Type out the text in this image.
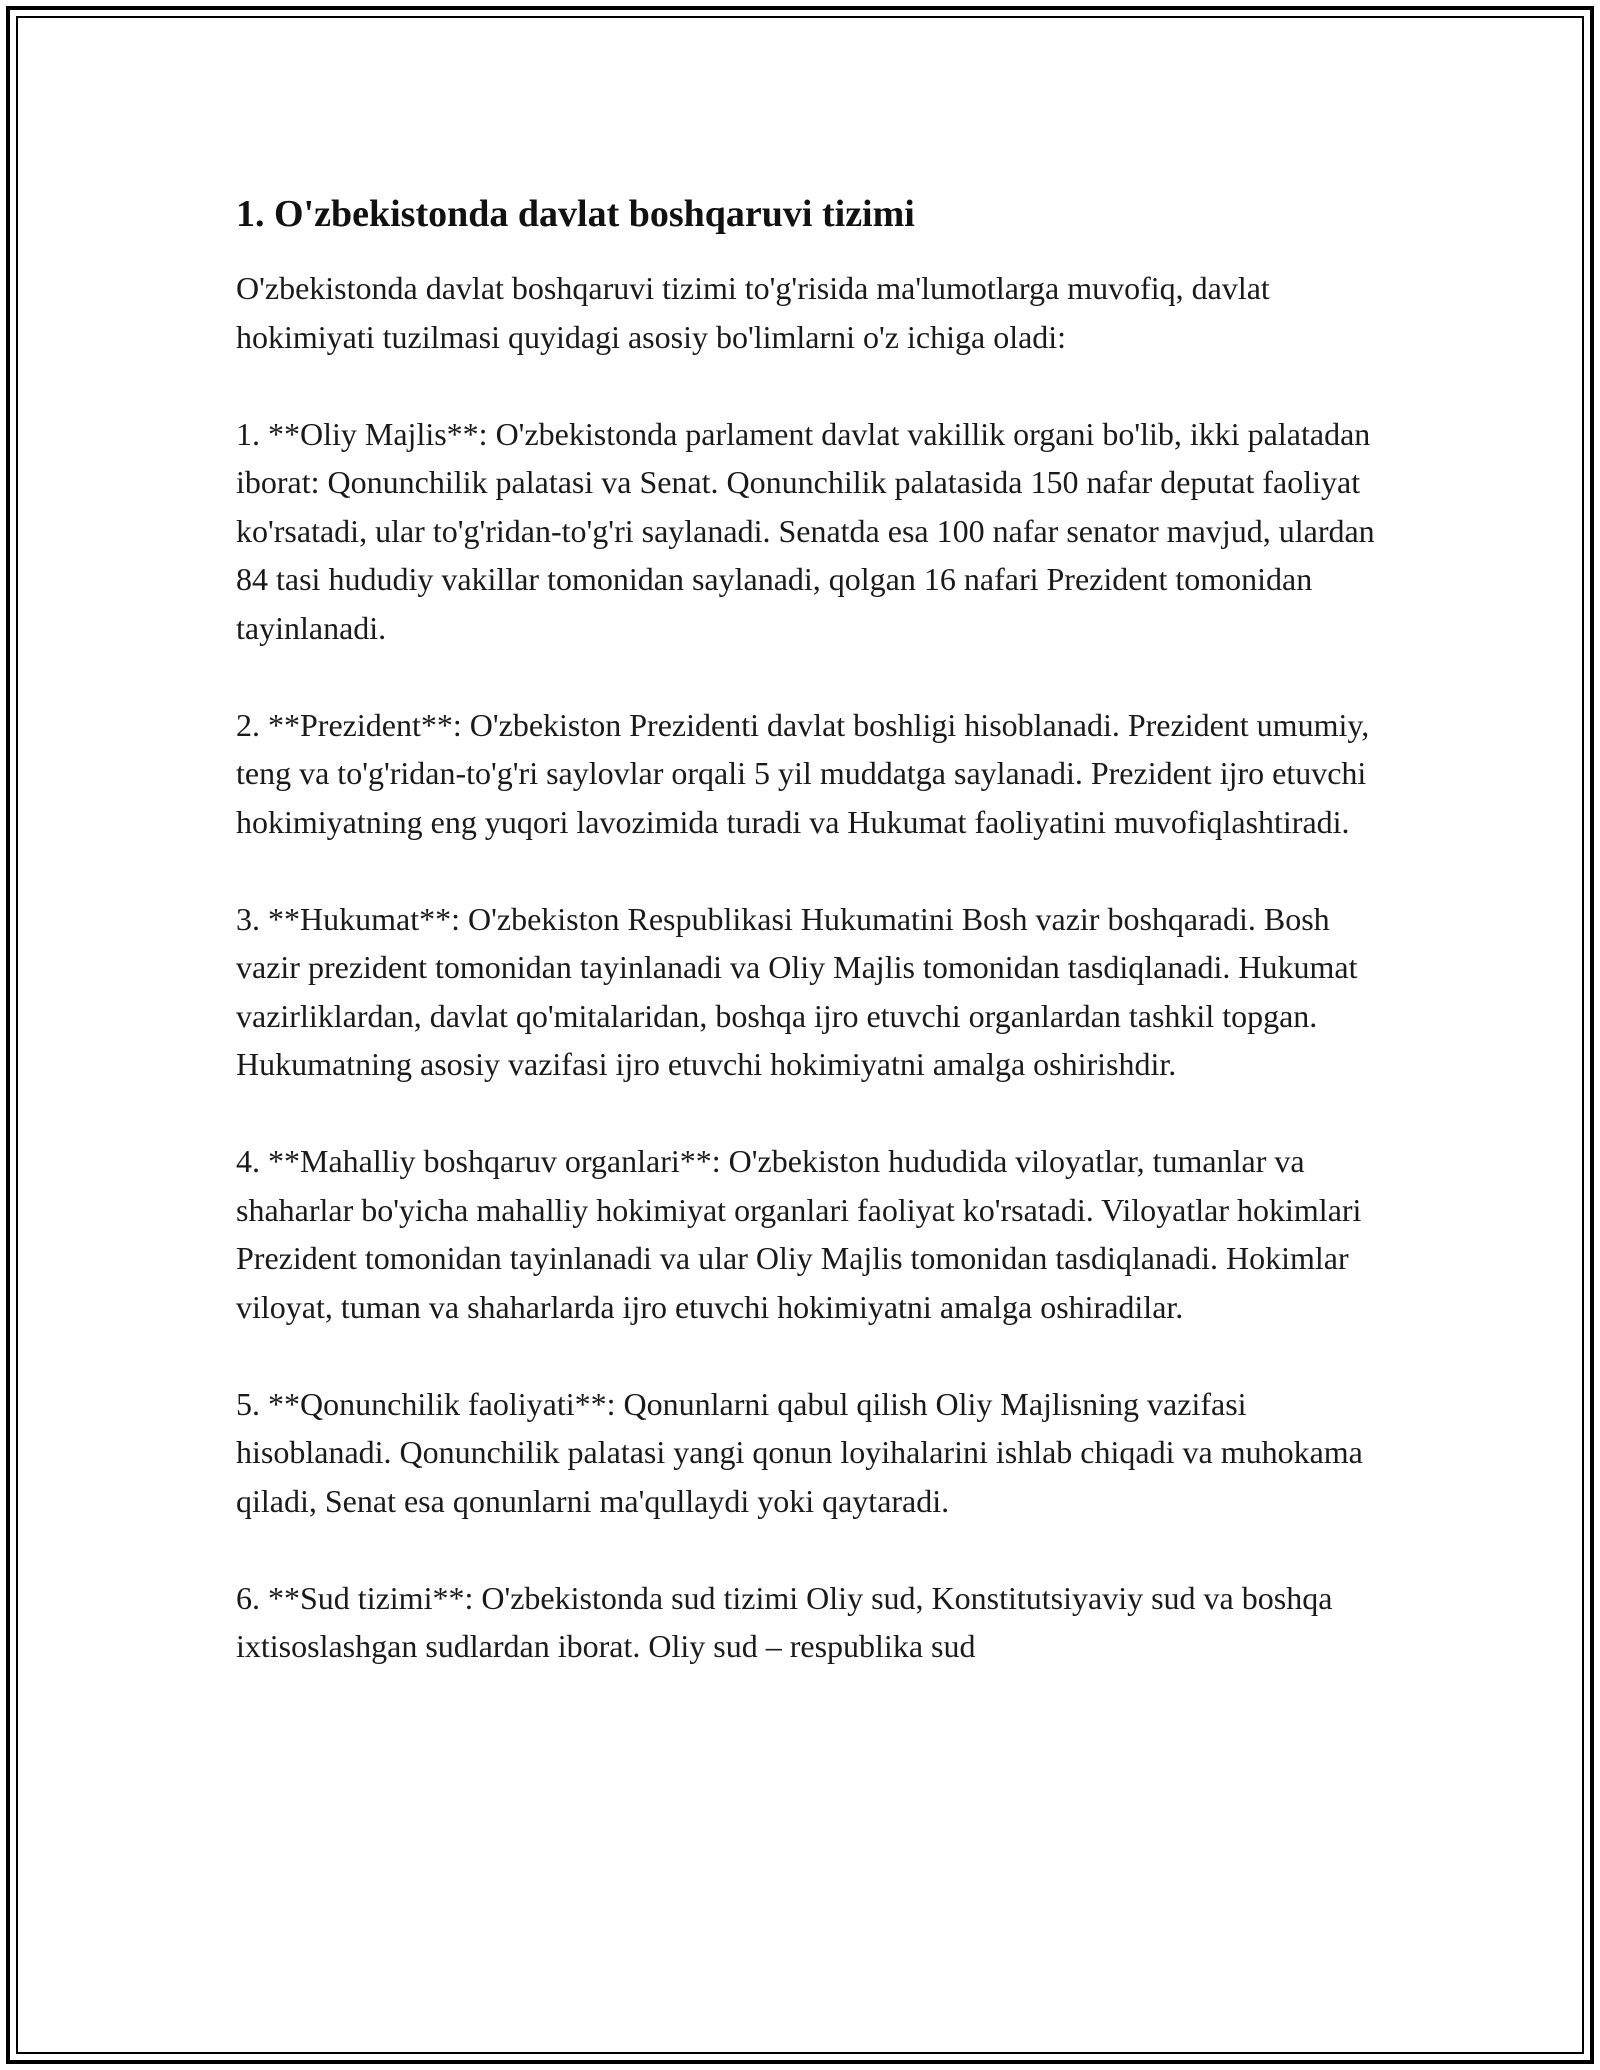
1. O'zbekistonda davlat boshqaruvi tizimi

O'zbekistonda davlat boshqaruvi tizimi to'g'risida ma'lumotlarga muvofiq, davlat hokimiyati tuzilmasi quyidagi asosiy bo'limlarni o'z ichiga oladi:

1. **Oliy Majlis**: O'zbekistonda parlament davlat vakillik organi bo'lib, ikki palatadan iborat: Qonunchilik palatasi va Senat. Qonunchilik palatasida 150 nafar deputat faoliyat ko'rsatadi, ular to'g'ridan-to'g'ri saylanadi. Senatda esa 100 nafar senator mavjud, ulardan 84 tasi hududiy vakillar tomonidan saylanadi, qolgan 16 nafari Prezident tomonidan tayinlanadi.

2. **Prezident**: O'zbekiston Prezidenti davlat boshligi hisoblanadi. Prezident umumiy, teng va to'g'ridan-to'g'ri saylovlar orqali 5 yil muddatga saylanadi. Prezident ijro etuvchi hokimiyatning eng yuqori lavozimida turadi va Hukumat faoliyatini muvofiqlashtiradi.

3. **Hukumat**: O'zbekiston Respublikasi Hukumatini Bosh vazir boshqaradi. Bosh vazir prezident tomonidan tayinlanadi va Oliy Majlis tomonidan tasdiqlanadi. Hukumat vazirliklardan, davlat qo'mitalaridan, boshqa ijro etuvchi organlardan tashkil topgan. Hukumatning asosiy vazifasi ijro etuvchi hokimiyatni amalga oshirishdir.

4. **Mahalliy boshqaruv organlari**: O'zbekiston hududida viloyatlar, tumanlar va shaharlar bo'yicha mahalliy hokimiyat organlari faoliyat ko'rsatadi. Viloyatlar hokimlari Prezident tomonidan tayinlanadi va ular Oliy Majlis tomonidan tasdiqlanadi. Hokimlar viloyat, tuman va shaharlarda ijro etuvchi hokimiyatni amalga oshiradilar.

5. **Qonunchilik faoliyati**: Qonunlarni qabul qilish Oliy Majlisning vazifasi hisoblanadi. Qonunchilik palatasi yangi qonun loyihalarini ishlab chiqadi va muhokama qiladi, Senat esa qonunlarni ma'qullaydi yoki qaytaradi.

6. **Sud tizimi**: O'zbekistonda sud tizimi Oliy sud, Konstitutsiyaviy sud va boshqa ixtisoslashgan sudlardan iborat. Oliy sud – respublika sud
